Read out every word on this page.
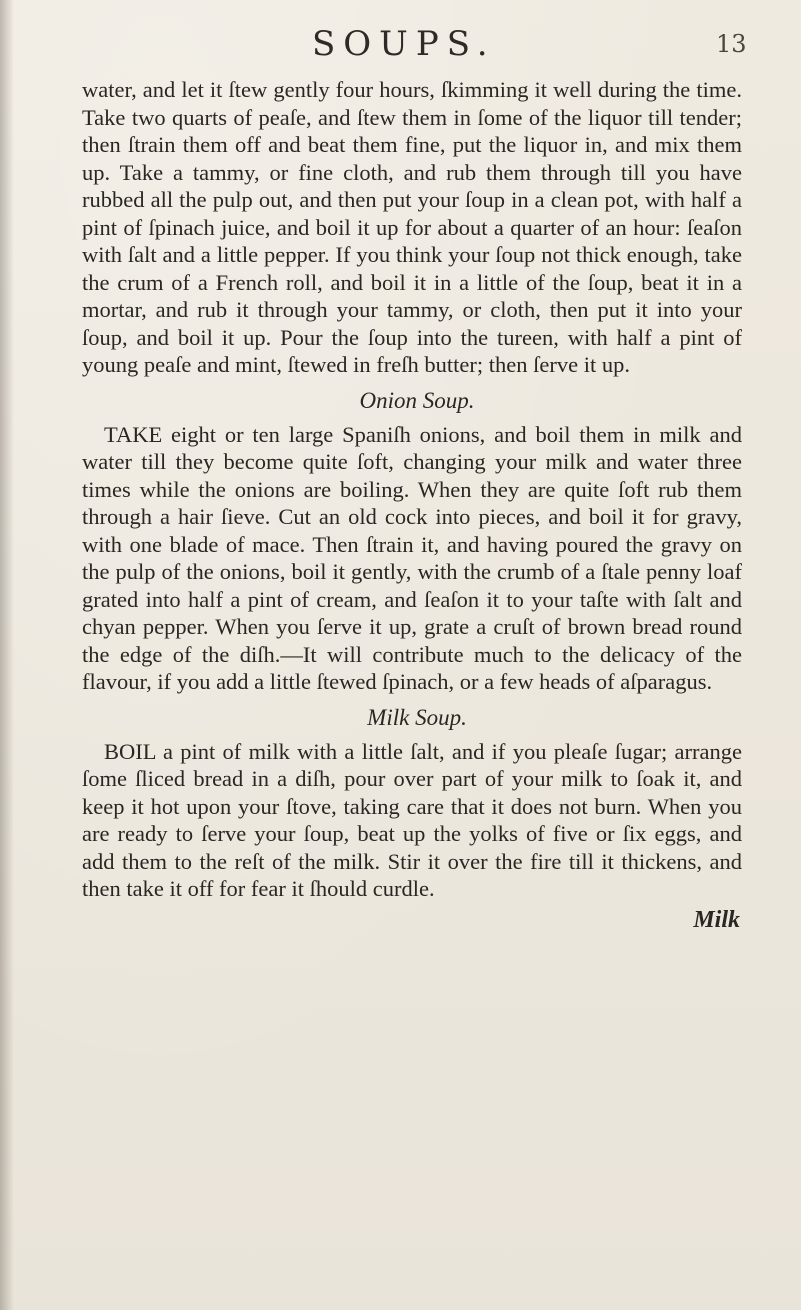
SOUPS.	13

water, and let it ſtew gently four hours, ſkimming it well during the time. Take two quarts of peaſe, and ſtew them in ſome of the liquor till tender; then ſtrain them off and beat them fine, put the liquor in, and mix them up. Take a tammy, or fine cloth, and rub them through till you have rubbed all the pulp out, and then put your ſoup in a clean pot, with half a pint of ſpinach juice, and boil it up for about a quarter of an hour: ſeaſon with ſalt and a little pepper. If you think your ſoup not thick enough, take the crum of a French roll, and boil it in a little of the ſoup, beat it in a mortar, and rub it through your tammy, or cloth, then put it into your ſoup, and boil it up. Pour the ſoup into the tureen, with half a pint of young peaſe and mint, ſtewed in freſh butter; then ſerve it up.

Onion Soup.

TAKE eight or ten large Spaniſh onions, and boil them in milk and water till they become quite ſoft, changing your milk and water three times while the onions are boiling. When they are quite ſoft rub them through a hair ſieve. Cut an old cock into pieces, and boil it for gravy, with one blade of mace. Then ſtrain it, and having poured the gravy on the pulp of the onions, boil it gently, with the crumb of a ſtale penny loaf grated into half a pint of cream, and ſeaſon it to your taſte with ſalt and chyan pepper. When you ſerve it up, grate a cruſt of brown bread round the edge of the diſh.—It will contribute much to the delicacy of the flavour, if you add a little ſtewed ſpinach, or a few heads of aſparagus.

Milk Soup.

BOIL a pint of milk with a little ſalt, and if you pleaſe ſugar; arrange ſome ſliced bread in a diſh, pour over part of your milk to ſoak it, and keep it hot upon your ſtove, taking care that it does not burn. When you are ready to ſerve your ſoup, beat up the yolks of five or ſix eggs, and add them to the reſt of the milk. Stir it over the fire till it thickens, and then take it off for fear it ſhould curdle.

Milk
